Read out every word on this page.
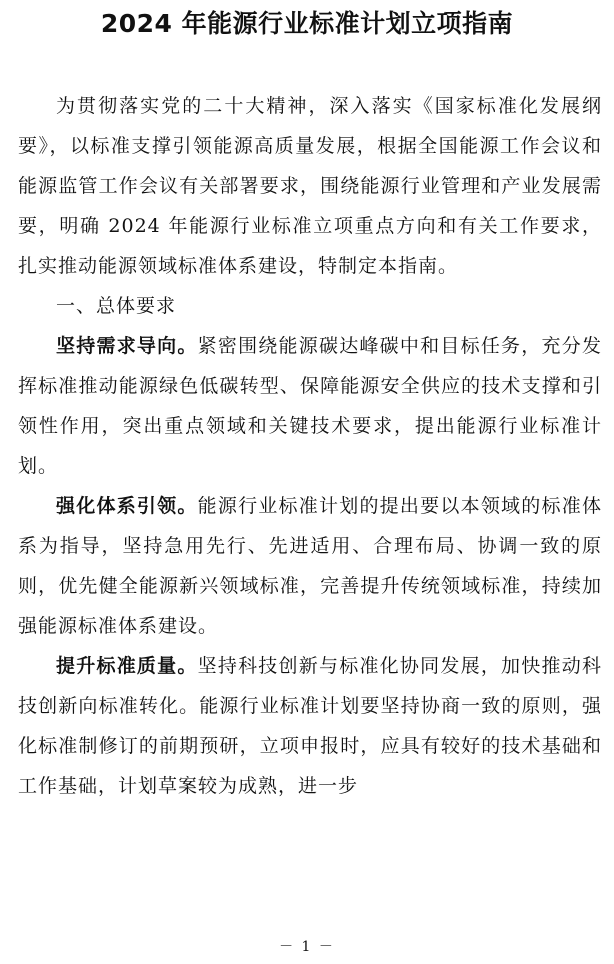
2024 年能源行业标准计划立项指南

为贯彻落实党的二十大精神，深入落实《国家标准化发展纲要》，以标准支撑引领能源高质量发展，根据全国能源工作会议和能源监管工作会议有关部署要求，围绕能源行业管理和产业发展需要，明确 2024 年能源行业标准立项重点方向和有关工作要求，扎实推动能源领域标准体系建设，特制定本指南。

一、总体要求

坚持需求导向。紧密围绕能源碳达峰碳中和目标任务，充分发挥标准推动能源绿色低碳转型、保障能源安全供应的技术支撑和引领性作用，突出重点领域和关键技术要求，提出能源行业标准计划。

强化体系引领。能源行业标准计划的提出要以本领域的标准体系为指导，坚持急用先行、先进适用、合理布局、协调一致的原则，优先健全能源新兴领域标准，完善提升传统领域标准，持续加强能源标准体系建设。

提升标准质量。坚持科技创新与标准化协同发展，加快推动科技创新向标准转化。能源行业标准计划要坚持协商一致的原则，强化标准制修订的前期预研，立项申报时，应具有较好的技术基础和工作基础，计划草案较为成熟，进一步

－ 1 －
